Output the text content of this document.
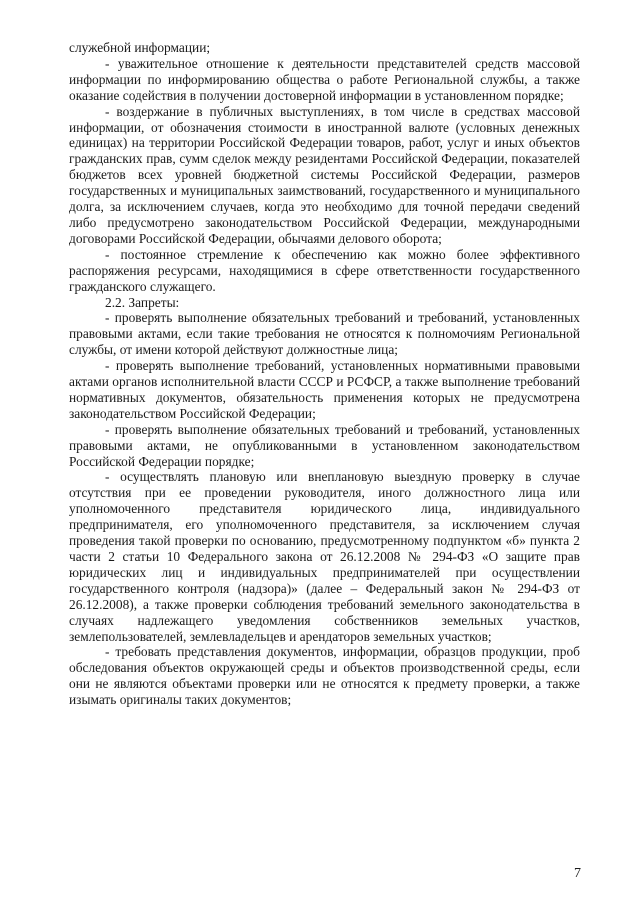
служебной информации;

- уважительное отношение к деятельности представителей средств массовой информации по информированию общества о работе Региональной службы, а также оказание содействия в получении достоверной информации в установленном порядке;

- воздержание в публичных выступлениях, в том числе в средствах массовой информации, от обозначения стоимости в иностранной валюте (условных денежных единицах) на территории Российской Федерации товаров, работ, услуг и иных объектов гражданских прав, сумм сделок между резидентами Российской Федерации, показателей бюджетов всех уровней бюджетной системы Российской Федерации, размеров государственных и муниципальных заимствований, государственного и муниципального долга, за исключением случаев, когда это необходимо для точной передачи сведений либо предусмотрено законодательством Российской Федерации, международными договорами Российской Федерации, обычаями делового оборота;

- постоянное стремление к обеспечению как можно более эффективного распоряжения ресурсами, находящимися в сфере ответственности государственного гражданского служащего.

2.2. Запреты:

- проверять выполнение обязательных требований и требований, установленных правовыми актами, если такие требования не относятся к полномочиям Региональной службы, от имени которой действуют должностные лица;

- проверять выполнение требований, установленных нормативными правовыми актами органов исполнительной власти СССР и РСФСР, а также выполнение требований нормативных документов, обязательность применения которых не предусмотрена законодательством Российской Федерации;

- проверять выполнение обязательных требований и требований, установленных правовыми актами, не опубликованными в установленном законодательством Российской Федерации порядке;

- осуществлять плановую или внеплановую выездную проверку в случае отсутствия при ее проведении руководителя, иного должностного лица или уполномоченного представителя юридического лица, индивидуального предпринимателя, его уполномоченного представителя, за исключением случая проведения такой проверки по основанию, предусмотренному подпунктом «б» пункта 2 части 2 статьи 10 Федерального закона от 26.12.2008 № 294-ФЗ «О защите прав юридических лиц и индивидуальных предпринимателей при осуществлении государственного контроля (надзора)» (далее – Федеральный закон № 294-ФЗ от 26.12.2008), а также проверки соблюдения требований земельного законодательства в случаях надлежащего уведомления собственников земельных участков, землепользователей, землевладельцев и арендаторов земельных участков;

- требовать представления документов, информации, образцов продукции, проб обследования объектов окружающей среды и объектов производственной среды, если они не являются объектами проверки или не относятся к предмету проверки, а также изымать оригиналы таких документов;

7
